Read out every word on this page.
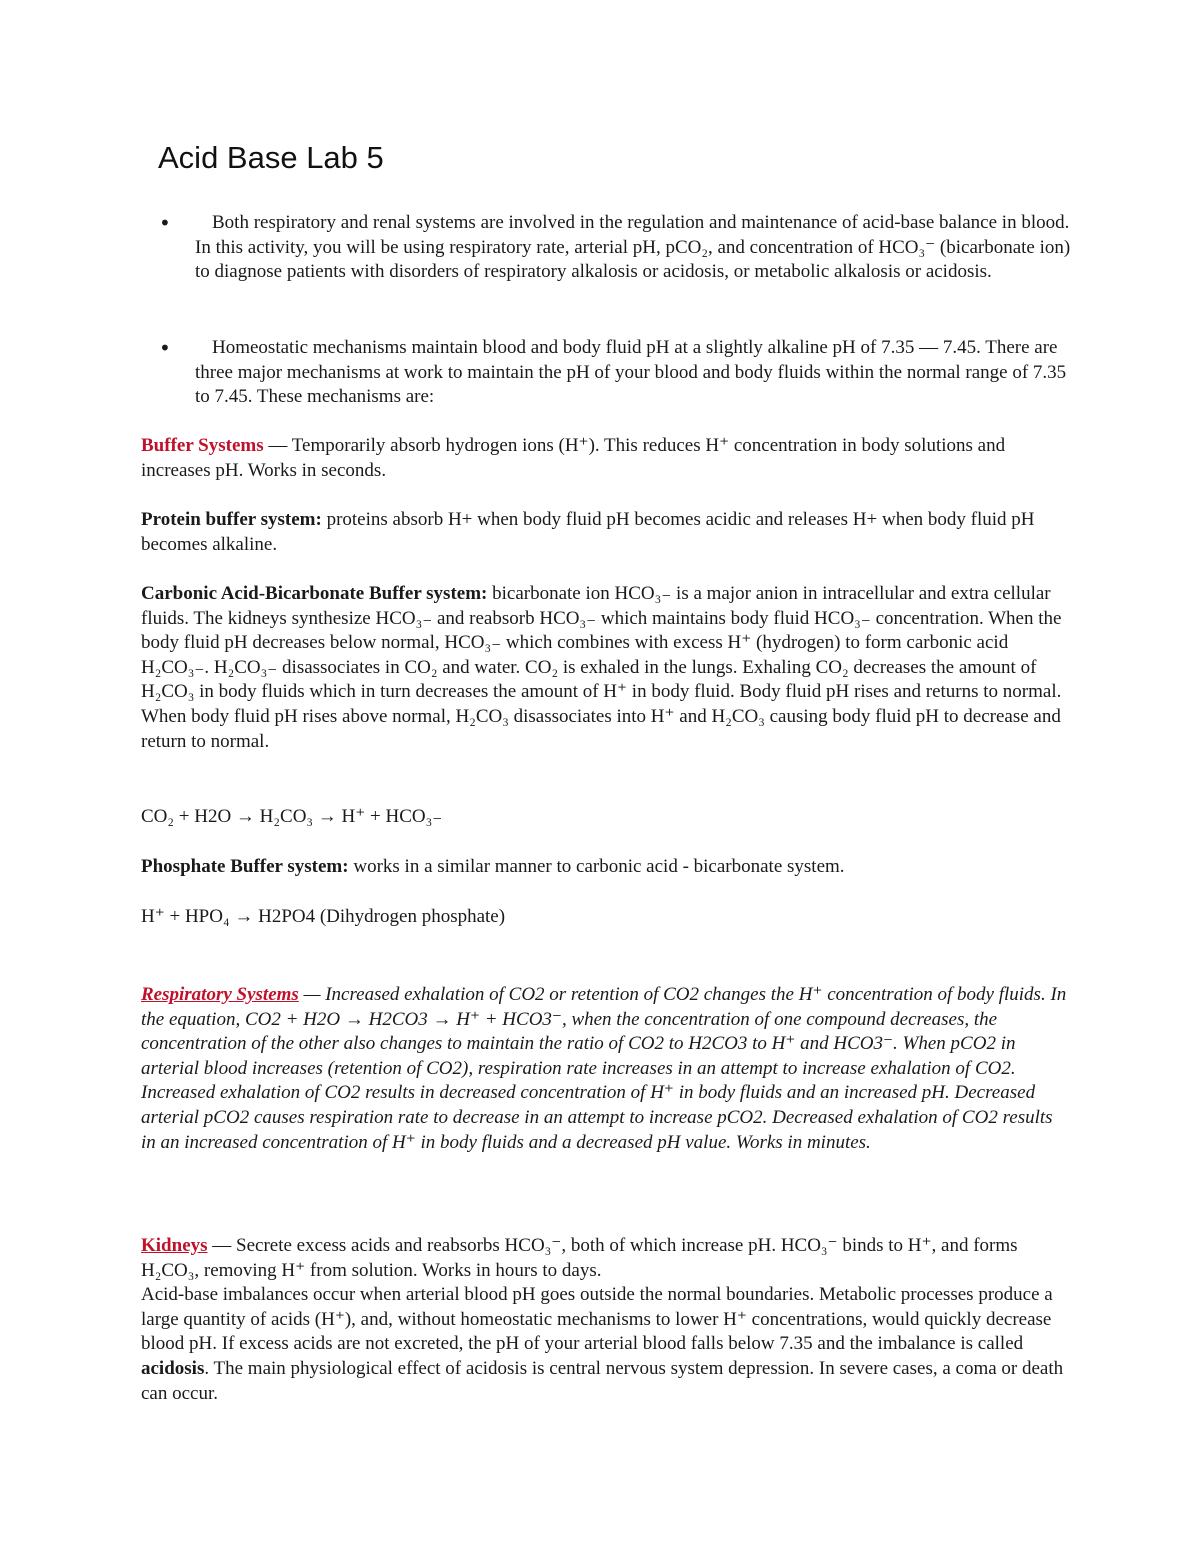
Acid Base Lab 5

• Both respiratory and renal systems are involved in the regulation and maintenance of acid-base balance in blood. In this activity, you will be using respiratory rate, arterial pH, pCO₂, and concentration of HCO₃⁻ (bicarbonate ion) to diagnose patients with disorders of respiratory alkalosis or acidosis, or metabolic alkalosis or acidosis.

• Homeostatic mechanisms maintain blood and body fluid pH at a slightly alkaline pH of 7.35 — 7.45. There are three major mechanisms at work to maintain the pH of your blood and body fluids within the normal range of 7.35 to 7.45. These mechanisms are:

Buffer Systems — Temporarily absorb hydrogen ions (H⁺). This reduces H⁺ concentration in body solutions and increases pH. Works in seconds.

Protein buffer system: proteins absorb H+ when body fluid pH becomes acidic and releases H+ when body fluid pH becomes alkaline.

Carbonic Acid-Bicarbonate Buffer system: bicarbonate ion HCO₃₋ is a major anion in intracellular and extra cellular fluids. The kidneys synthesize HCO₃₋ and reabsorb HCO₃₋ which maintains body fluid HCO₃₋ concentration. When the body fluid pH decreases below normal, HCO₃₋ which combines with excess H⁺ (hydrogen) to form carbonic acid H₂CO₃₋. H₂CO₃₋ disassociates in CO₂ and water. CO₂ is exhaled in the lungs. Exhaling CO₂ decreases the amount of H₂CO₃ in body fluids which in turn decreases the amount of H⁺ in body fluid. Body fluid pH rises and returns to normal. When body fluid pH rises above normal, H₂CO₃ disassociates into H⁺ and H₂CO₃ causing body fluid pH to decrease and return to normal.

CO₂ + H2O → H₂CO₃ → H⁺ + HCO₃₋

Phosphate Buffer system: works in a similar manner to carbonic acid - bicarbonate system.

H⁺ + HPO₄ → H2PO4 (Dihydrogen phosphate)

Respiratory Systems — Increased exhalation of CO2 or retention of CO2 changes the H⁺ concentration of body fluids. In the equation, CO2 + H2O → H2CO3 → H⁺ + HCO3⁻, when the concentration of one compound decreases, the concentration of the other also changes to maintain the ratio of CO2 to H2CO3 to H⁺ and HCO3⁻. When pCO2 in arterial blood increases (retention of CO2), respiration rate increases in an attempt to increase exhalation of CO2. Increased exhalation of CO2 results in decreased concentration of H⁺ in body fluids and an increased pH. Decreased arterial pCO2 causes respiration rate to decrease in an attempt to increase pCO2. Decreased exhalation of CO2 results in an increased concentration of H⁺ in body fluids and a decreased pH value. Works in minutes.

Kidneys — Secrete excess acids and reabsorbs HCO₃⁻, both of which increase pH. HCO₃⁻ binds to H⁺, and forms H₂CO₃, removing H⁺ from solution. Works in hours to days.
Acid-base imbalances occur when arterial blood pH goes outside the normal boundaries. Metabolic processes produce a large quantity of acids (H⁺), and, without homeostatic mechanisms to lower H⁺ concentrations, would quickly decrease blood pH. If excess acids are not excreted, the pH of your arterial blood falls below 7.35 and the imbalance is called acidosis. The main physiological effect of acidosis is central nervous system depression. In severe cases, a coma or death can occur.
